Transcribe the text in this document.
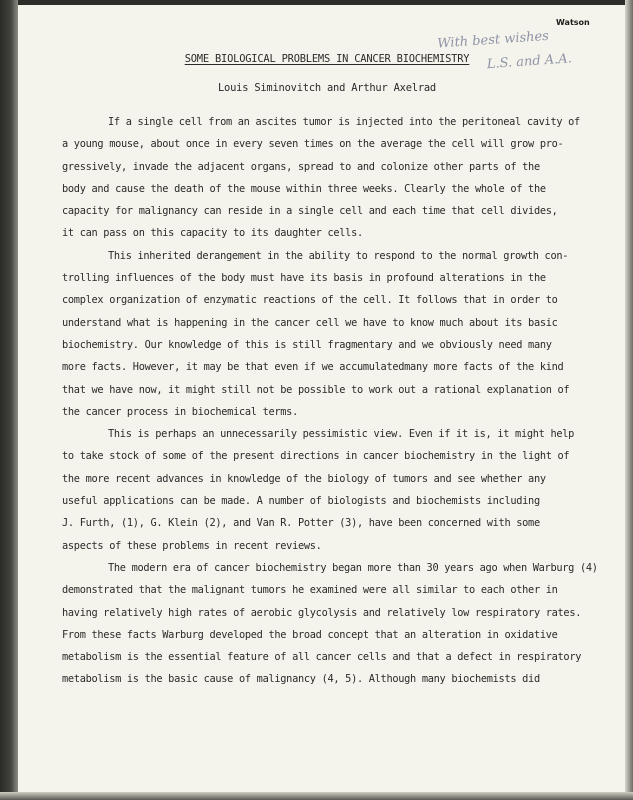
Watson
With best wishes
L.S. and A.A.
SOME BIOLOGICAL PROBLEMS IN CANCER BIOCHEMISTRY
Louis Siminovitch and Arthur Axelrad
If a single cell from an ascites tumor is injected into the peritoneal cavity of
a young mouse, about once in every seven times on the average the cell will grow pro-
gressively, invade the adjacent organs, spread to and colonize other parts of the
body and cause the death of the mouse within three weeks. Clearly the whole of the
capacity for malignancy can reside in a single cell and each time that cell divides,
it can pass on this capacity to its daughter cells.
This inherited derangement in the ability to respond to the normal growth con-
trolling influences of the body must have its basis in profound alterations in the
complex organization of enzymatic reactions of the cell. It follows that in order to
understand what is happening in the cancer cell we have to know much about its basic
biochemistry. Our knowledge of this is still fragmentary and we obviously need many
more facts. However, it may be that even if we accumulatedmany more facts of the kind
that we have now, it might still not be possible to work out a rational explanation of
the cancer process in biochemical terms.
This is perhaps an unnecessarily pessimistic view. Even if it is, it might help
to take stock of some of the present directions in cancer biochemistry in the light of
the more recent advances in knowledge of the biology of tumors and see whether any
useful applications can be made. A number of biologists and biochemists including
J. Furth, (1), G. Klein (2), and Van R. Potter (3), have been concerned with some
aspects of these problems in recent reviews.
The modern era of cancer biochemistry began more than 30 years ago when Warburg (4)
demonstrated that the malignant tumors he examined were all similar to each other in
having relatively high rates of aerobic glycolysis and relatively low respiratory rates.
From these facts Warburg developed the broad concept that an alteration in oxidative
metabolism is the essential feature of all cancer cells and that a defect in respiratory
metabolism is the basic cause of malignancy (4, 5). Although many biochemists did
